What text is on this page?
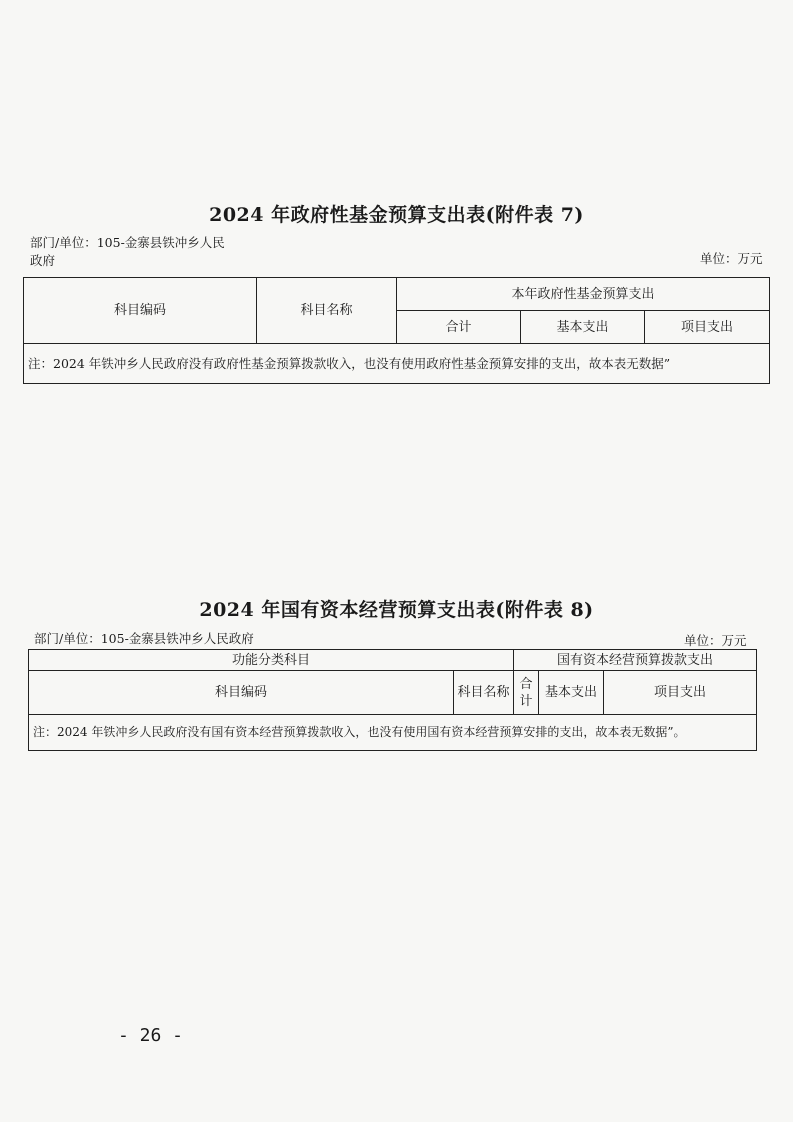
2024 年政府性基金预算支出表(附件表 7)
部门/单位：105-金寨县铁冲乡人民
政府	单位：万元
科目编码	科目名称	本年政府性基金预算支出		
		合计	基本支出	项目支出
注：2024 年铁冲乡人民政府没有政府性基金预算拨款收入，也没有使用政府性基金预算安排的支出，故本表无数据”				
2024 年国有资本经营预算支出表(附件表 8)
部门/单位：105-金寨县铁冲乡人民政府	单位：万元
功能分类科目		国有资本经营预算拨款支出		
科目编码	科目名称	合计	基本支出	项目支出
注：2024 年铁冲乡人民政府没有国有资本经营预算拨款收入，也没有使用国有资本经营预算安排的支出，故本表无数据”。				
- 26 -
